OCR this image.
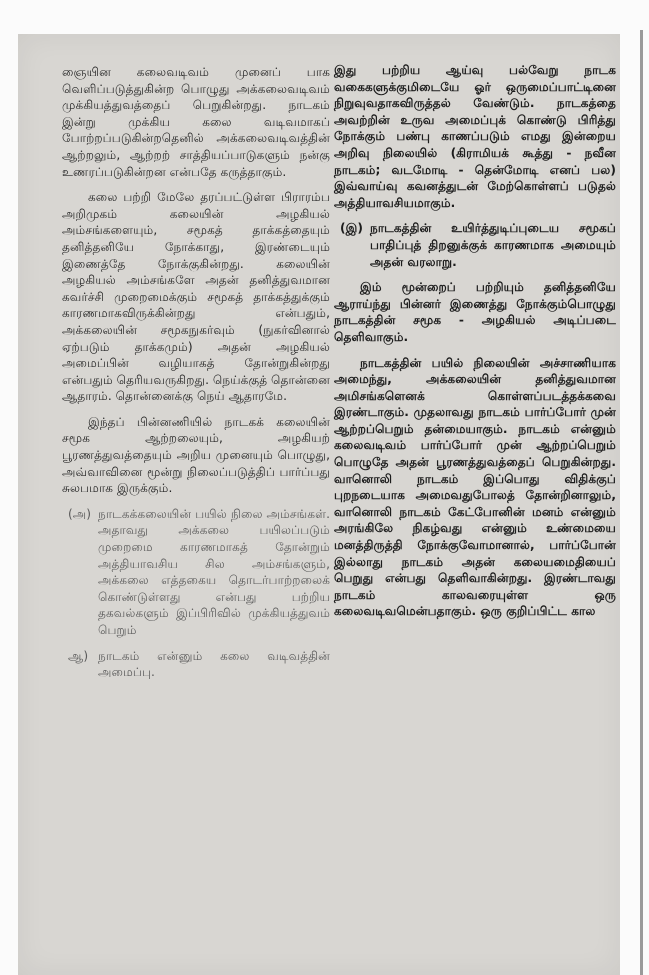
ஞையின கலைவடிவம் முனைப் பாக வெளிப்படுத்துகின்ற பொழுது அக்கலைவடிவம் முக்கியத்துவத்தைப் பெறுகின்றது. நாடகம் இன்று முக்கிய கலை வடிவமாகப் போற்றப்படுகின்றதெனில் அக்கலைவடிவத்தின் ஆற்றலும், ஆற்றற் சாத்தியப்பாடுகளும் நன்கு உணரப்படுகின்றன என்பதே கருத்தாகும்.

கலை பற்றி மேலே தரப்பட்டுள்ள பிராரம்ப அறிமுகம் கலையின் அழகியல் அம்சங்களையும், சமூகத் தாக்கத்தையும் தனித்தனியே நோக்காது, இரண்டையும் இணைத்தே நோக்குகின்றது. கலையின் அழகியல் அம்சங்களே அதன் தனித்துவமான கவர்ச்சி முறைமைக்கும் சமூகத் தாக்கத்துக்கும் காரணமாகவிருக்கின்றது என்பதும், அக்கலையின் சமூகநுகர்வும் (நுகர்வினால் ஏற்படும் தாக்கமும்) அதன் அழகியல் அமைப்பின் வழியாகத் தோன்றுகின்றது என்பதும் தெரியவருகிறது. நெய்க்குத் தொன்னை ஆதாரம். தொன்னைக்கு நெய் ஆதாரமே.

இந்தப் பின்னணியில் நாடகக் கலையின் சமூக ஆற்றலையும், அழகியற் பூரணத்துவத்தையும் அறிய முனையும் பொழுது, அவ்வாவினை மூன்று நிலைப்படுத்திப் பார்ப்பது சுலபமாக இருக்கும்.

(அ) நாடகக்கலையின் பயில் நிலை அம்சங்கள். அதாவது அக்கலை பயிலப்படும் முறைமை காரணமாகத் தோன்றும் அத்தியாவசிய சில அம்சங்களும், அக்கலை எத்தகைய தொடர்பாற்றலைக் கொண்டுள்ளது என்பது பற்றிய தகவல்களும் இப்பிரிவில் முக்கியத்துவம் பெறும்
ஆ) நாடகம் என்னும் கலை வடிவத்தின் அமைப்பு.

இது பற்றிய ஆய்வு பல்வேறு நாடக வகைகளுக்குமிடையே ஓர் ஒருமைப்பாட்டினை நிறுவுவதாகவிருத்தல் வேண்டும். நாடகத்தை அவற்றின் உருவ அமைப்புக் கொண்டு பிரித்து நோக்கும் பண்பு காணப்படும் எமது இன்றைய அறிவு நிலையில் (கிராமியக் கூத்து - நவீன நாடகம்; வடமோடி - தென்மோடி எனப் பல) இவ்வாய்வு கவனத்துடன் மேற்கொள்ளப் படுதல் அத்தியாவசியமாகும்.

(இ) நாடகத்தின் உயிர்த்துடிப்புடைய சமூகப் பாதிப்புத் திறனுக்குக் காரணமாக அமையும் அதன் வரலாறு.

இம் மூன்றைப் பற்றியும் தனித்தனியே ஆராய்ந்து பின்னர் இணைத்து நோக்கும்பொழுது நாடகத்தின் சமூக - அழகியல் அடிப்படை தெளிவாகும்.

நாடகத்தின் பயில் நிலையின் அச்சாணியாக அமைந்து, அக்கலையின் தனித்துவமான அமிசங்களெனக் கொள்ளப்படத்தக்கவை இரண்டாகும். முதலாவது நாடகம் பார்ப்போர் முன் ஆற்றப்பெறும் தன்மையாகும். நாடகம் என்னும் கலைவடிவம் பார்ப்போர் முன் ஆற்றப்பெறும் பொழுதே அதன் பூரணத்துவத்தைப் பெறுகின்றது. வானொலி நாடகம் இப்பொது விதிக்குப் புறநடையாக அமைவதுபோலத் தோன்றினாலும், வானொலி நாடகம் கேட்போனின் மனம் என்னும் அரங்கிலே நிகழ்வது என்னும் உண்மையை மனத்திருத்தி நோக்குவோமானால், பார்ப்போன் இல்லாது நாடகம் அதன் கலையமைதியைப் பெறுது என்பது தெளிவாகின்றது. இரண்டாவது நாடகம் காலவரையுள்ள ஒரு கலைவடிவமென்பதாகும். ஒரு குறிப்பிட்ட கால
